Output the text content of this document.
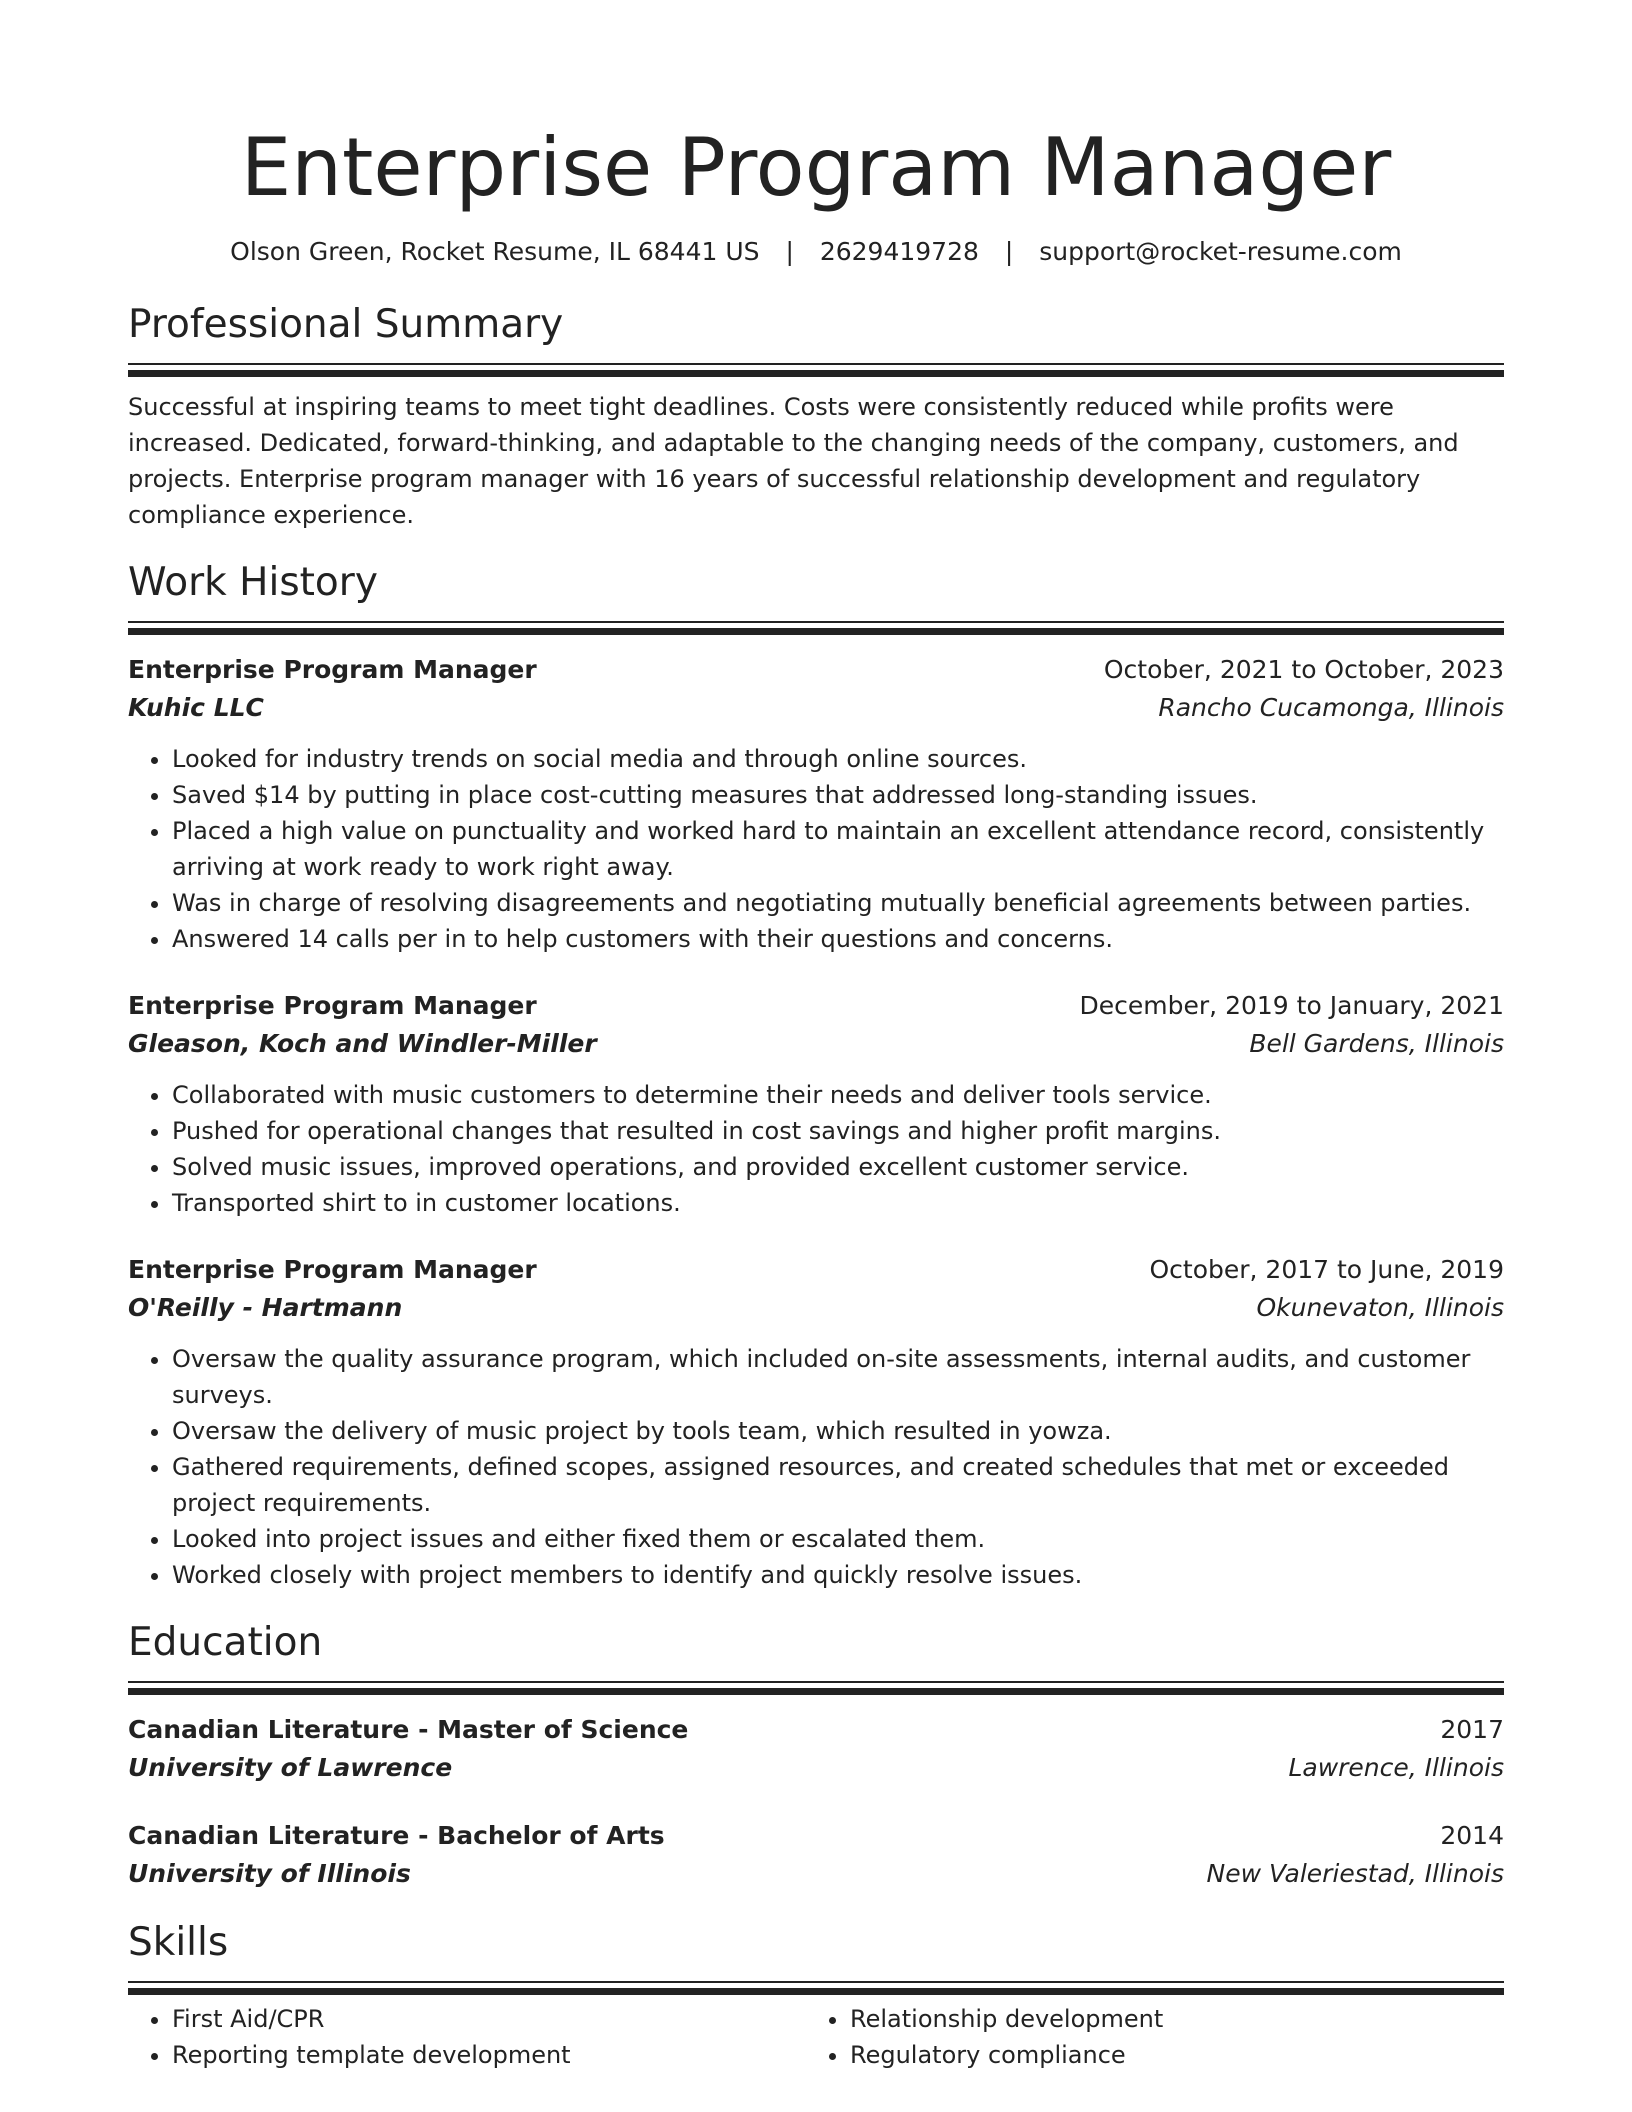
Enterprise Program Manager
Olson Green, Rocket Resume, IL 68441 US | 2629419728 | support@rocket-resume.com
Professional Summary
Successful at inspiring teams to meet tight deadlines. Costs were consistently reduced while profits were increased. Dedicated, forward-thinking, and adaptable to the changing needs of the company, customers, and projects. Enterprise program manager with 16 years of successful relationship development and regulatory compliance experience.
Work History
Enterprise Program Manager	October, 2021 to October, 2023
Kuhic LLC	Rancho Cucamonga, Illinois
• Looked for industry trends on social media and through online sources.
• Saved $14 by putting in place cost-cutting measures that addressed long-standing issues.
• Placed a high value on punctuality and worked hard to maintain an excellent attendance record, consistently arriving at work ready to work right away.
• Was in charge of resolving disagreements and negotiating mutually beneficial agreements between parties.
• Answered 14 calls per in to help customers with their questions and concerns.
Enterprise Program Manager	December, 2019 to January, 2021
Gleason, Koch and Windler-Miller	Bell Gardens, Illinois
• Collaborated with music customers to determine their needs and deliver tools service.
• Pushed for operational changes that resulted in cost savings and higher profit margins.
• Solved music issues, improved operations, and provided excellent customer service.
• Transported shirt to in customer locations.
Enterprise Program Manager	October, 2017 to June, 2019
O'Reilly - Hartmann	Okunevaton, Illinois
• Oversaw the quality assurance program, which included on-site assessments, internal audits, and customer surveys.
• Oversaw the delivery of music project by tools team, which resulted in yowza.
• Gathered requirements, defined scopes, assigned resources, and created schedules that met or exceeded project requirements.
• Looked into project issues and either fixed them or escalated them.
• Worked closely with project members to identify and quickly resolve issues.
Education
Canadian Literature - Master of Science	2017
University of Lawrence	Lawrence, Illinois
Canadian Literature - Bachelor of Arts	2014
University of Illinois	New Valeriestad, Illinois
Skills
• First Aid/CPR
• Reporting template development
• Relationship development
• Regulatory compliance
